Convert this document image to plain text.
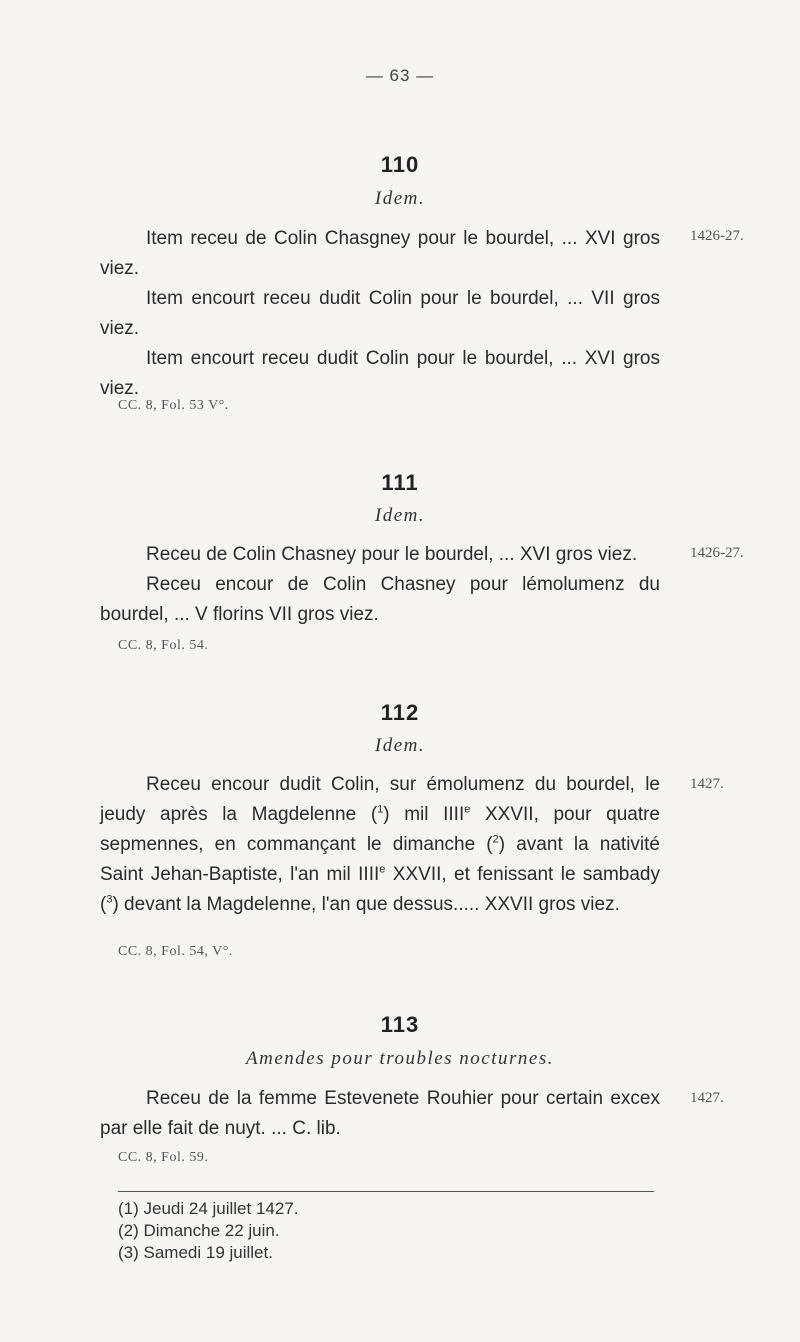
— 63 —
110
Idem.
1426-27.

Item receu de Colin Chasgney pour le bourdel, ... XVI gros viez.

Item encourt receu dudit Colin pour le bourdel, ... VII gros viez.

Item encourt receu dudit Colin pour le bourdel, ... XVI gros viez.

CC. 8, Fol. 53 V°.
111
Idem.
1426-27.

Receu de Colin Chasney pour le bourdel, ... XVI gros viez.

Receu encour de Colin Chasney pour lémolumenz du bourdel, ... V florins VII gros viez.

CC. 8, Fol. 54.
112
Idem.
1427.

Receu encour dudit Colin, sur émolumenz du bourdel, le jeudy après la Magdelenne ($^1$) mil IIIIe XXVII, pour quatre sepmennes, en commançant le dimanche ($^2$) avant la nativité Saint Jehan-Baptiste, l'an mil IIIIe XXVII, et fenissant le sambady ($^3$) devant la Magdelenne, l'an que dessus..... XXVII gros viez.

CC. 8, Fol. 54, V°.
113
Amendes pour troubles nocturnes.
1427.

Receu de la femme Estevenete Rouhier pour certain excex par elle fait de nuyt. ... C. lib.

CC. 8, Fol. 59.
(1) Jeudi 24 juillet 1427.
(2) Dimanche 22 juin.
(3) Samedi 19 juillet.
